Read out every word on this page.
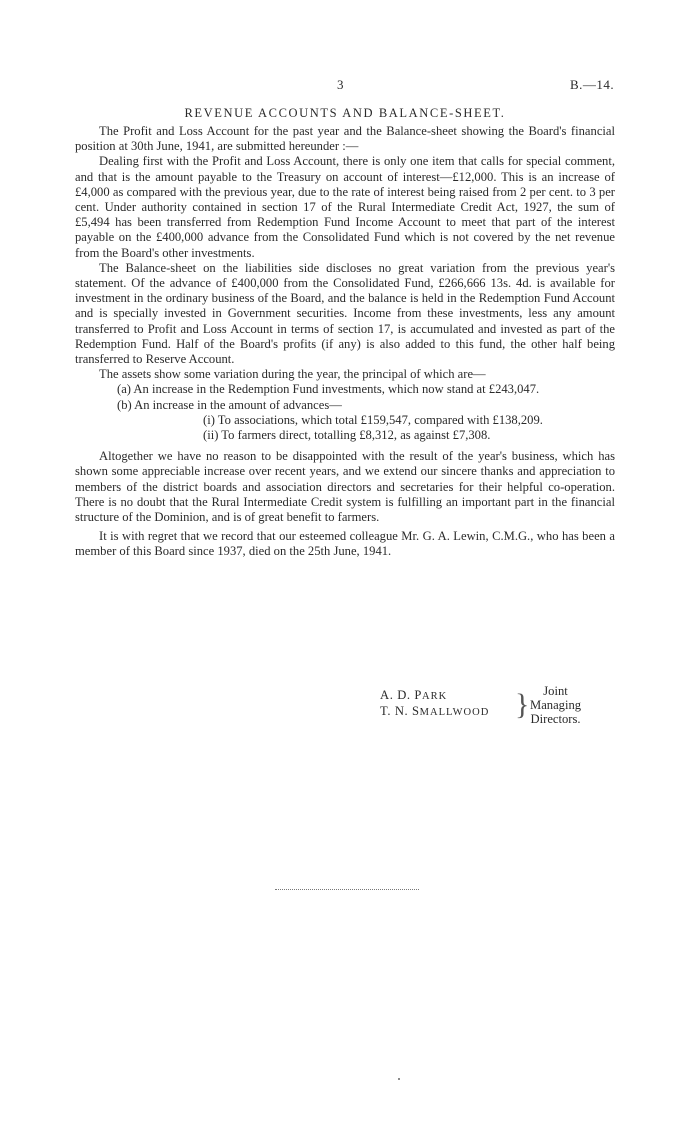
3	B.—14.
REVENUE ACCOUNTS AND BALANCE-SHEET.

The Profit and Loss Account for the past year and the Balance-sheet showing the Board's financial position at 30th June, 1941, are submitted hereunder :—

Dealing first with the Profit and Loss Account, there is only one item that calls for special comment, and that is the amount payable to the Treasury on account of interest—£12,000. This is an increase of £4,000 as compared with the previous year, due to the rate of interest being raised from 2 per cent. to 3 per cent. Under authority contained in section 17 of the Rural Intermediate Credit Act, 1927, the sum of £5,494 has been transferred from Redemption Fund Income Account to meet that part of the interest payable on the £400,000 advance from the Consolidated Fund which is not covered by the net revenue from the Board's other investments.

The Balance-sheet on the liabilities side discloses no great variation from the previous year's statement. Of the advance of £400,000 from the Consolidated Fund, £266,666 13s. 4d. is available for investment in the ordinary business of the Board, and the balance is held in the Redemption Fund Account and is specially invested in Government securities. Income from these investments, less any amount transferred to Profit and Loss Account in terms of section 17, is accumulated and invested as part of the Redemption Fund. Half of the Board's profits (if any) is also added to this fund, the other half being transferred to Reserve Account.

The assets show some variation during the year, the principal of which are—

(a) An increase in the Redemption Fund investments, which now stand at £243,047.
(b) An increase in the amount of advances—
(i) To associations, which total £159,547, compared with £138,209.
(ii) To farmers direct, totalling £8,312, as against £7,308.

Altogether we have no reason to be disappointed with the result of the year's business, which has shown some appreciable increase over recent years, and we extend our sincere thanks and appreciation to members of the district boards and association directors and secretaries for their helpful co-operation. There is no doubt that the Rural Intermediate Credit system is fulfilling an important part in the financial structure of the Dominion, and is of great benefit to farmers.

It is with regret that we record that our esteemed colleague Mr. G. A. Lewin, C.M.G., who has been a member of this Board since 1937, died on the 25th June, 1941.

A. D. PARK
T. N. SMALLWOOD }	Joint
Managing
Directors.
